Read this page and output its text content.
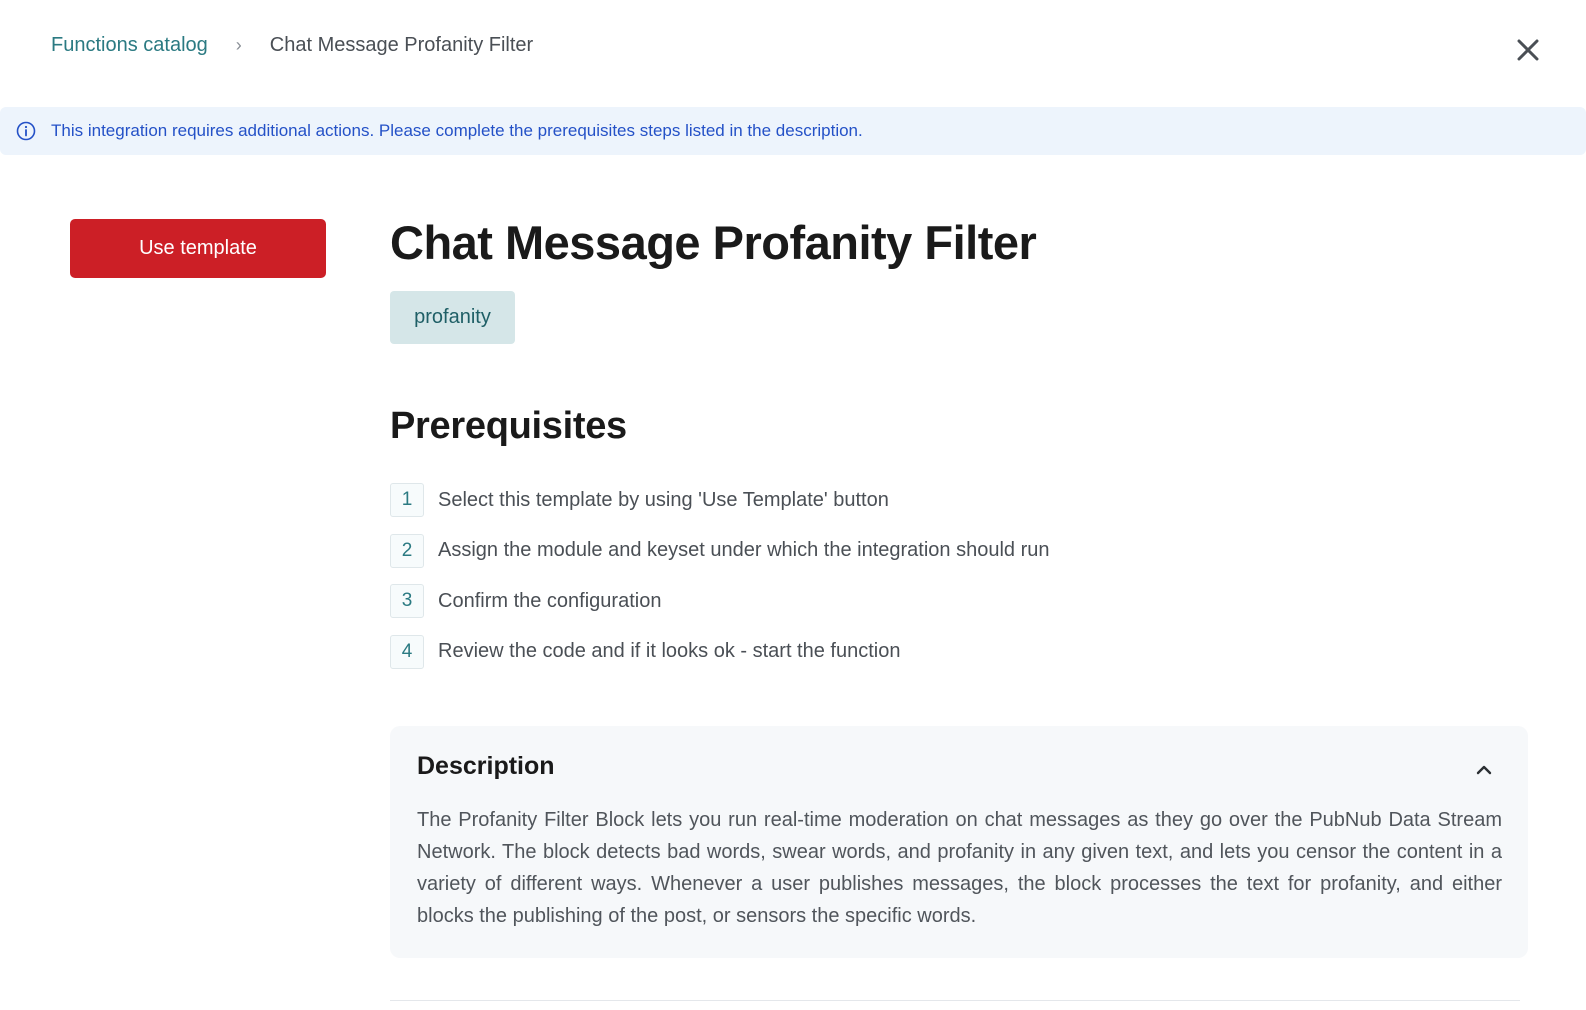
Functions catalog › Chat Message Profanity Filter
This integration requires additional actions. Please complete the prerequisites steps listed in the description.
Use template	Chat Message Profanity Filter
profanity
Prerequisites
1	Select this template by using 'Use Template' button
2	Assign the module and keyset under which the integration should run
3	Confirm the configuration
4	Review the code and if it looks ok - start the function
Description

The Profanity Filter Block lets you run real-time moderation on chat messages as they go over the PubNub Data Stream Network. The block detects bad words, swear words, and profanity in any given text, and lets you censor the content in a variety of different ways. Whenever a user publishes messages, the block processes the text for profanity, and either blocks the publishing of the post, or sensors the specific words.
